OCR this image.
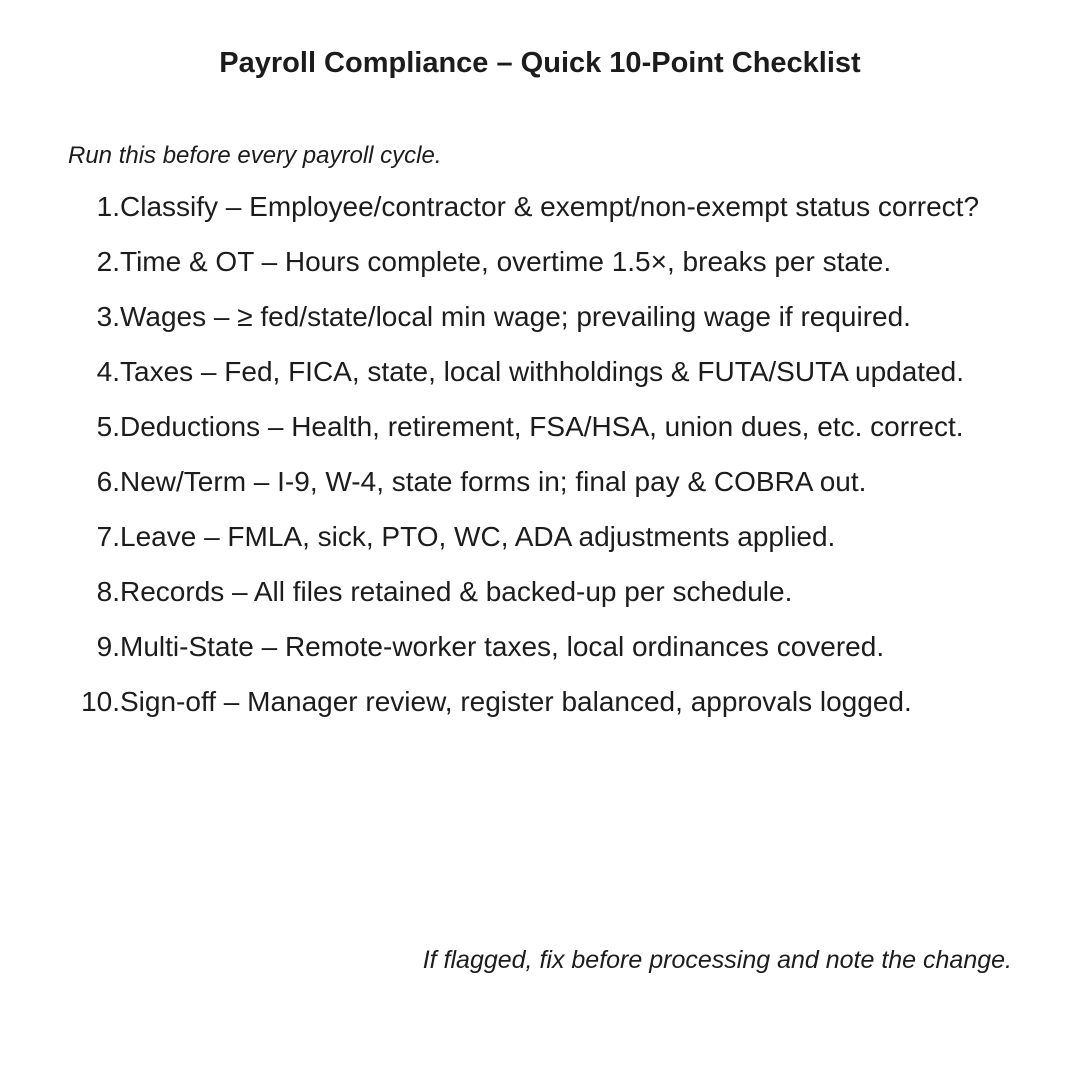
Payroll Compliance – Quick 10-Point Checklist

Run this before every payroll cycle.

1. Classify – Employee/contractor & exempt/non-exempt status correct?
2. Time & OT – Hours complete, overtime 1.5×, breaks per state.
3. Wages – ≥ fed/state/local min wage; prevailing wage if required.
4. Taxes – Fed, FICA, state, local withholdings & FUTA/SUTA updated.
5. Deductions – Health, retirement, FSA/HSA, union dues, etc. correct.
6. New/Term – I-9, W-4, state forms in; final pay & COBRA out.
7. Leave – FMLA, sick, PTO, WC, ADA adjustments applied.
8. Records – All files retained & backed-up per schedule.
9. Multi-State – Remote-worker taxes, local ordinances covered.
10. Sign-off – Manager review, register balanced, approvals logged.

If flagged, fix before processing and note the change.
